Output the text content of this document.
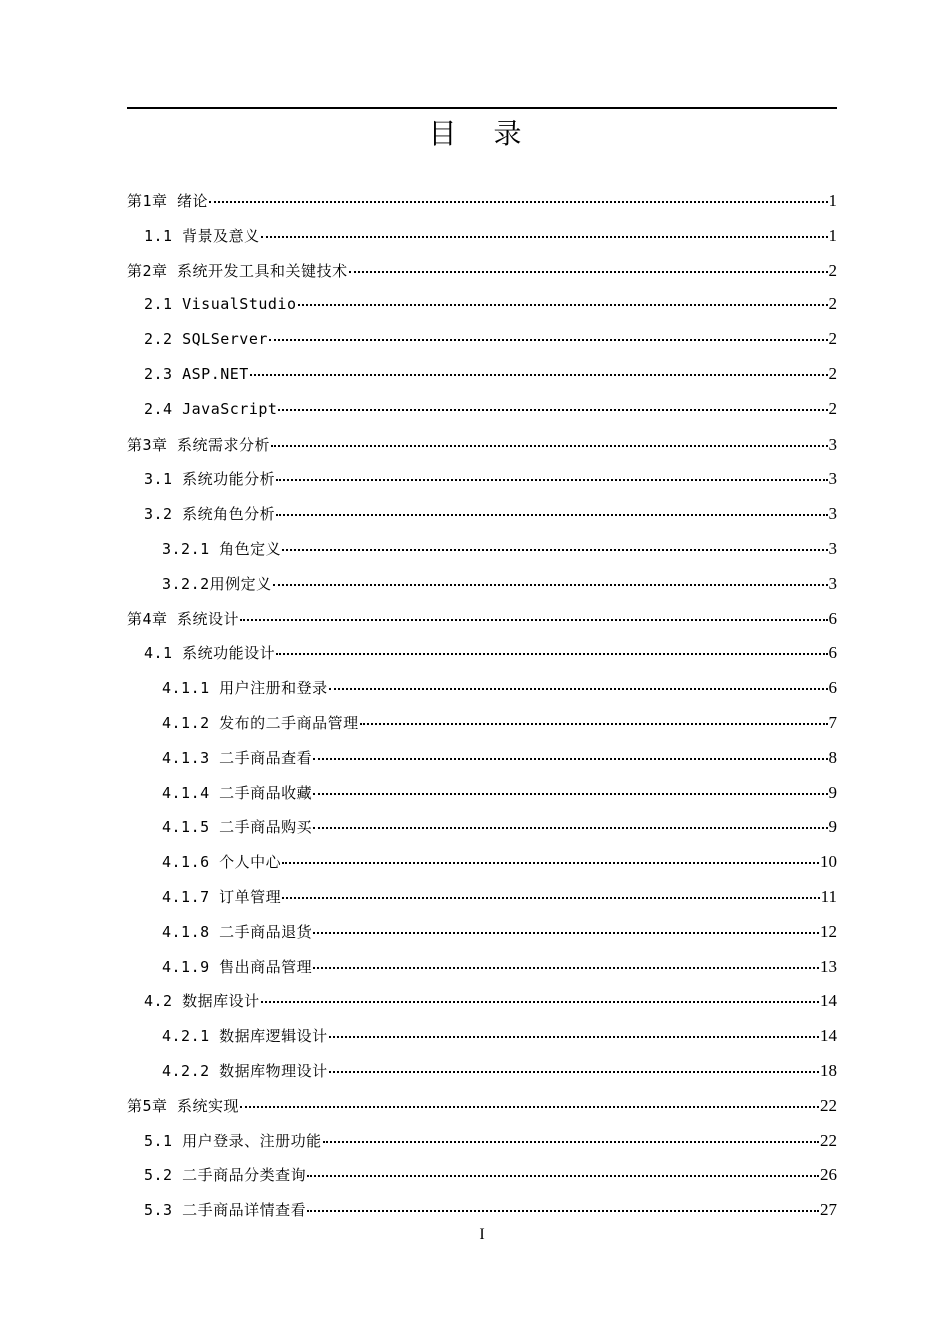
目 录
第1章 绪论	1
1.1 背景及意义	1
第2章 系统开发工具和关键技术	2
2.1 VisualStudio	2
2.2 SQLServer	2
2.3 ASP.NET	2
2.4 JavaScript	2
第3章 系统需求分析	3
3.1 系统功能分析	3
3.2 系统角色分析	3
3.2.1 角色定义	3
3.2.2用例定义	3
第4章 系统设计	6
4.1 系统功能设计	6
4.1.1 用户注册和登录	6
4.1.2 发布的二手商品管理	7
4.1.3 二手商品查看	8
4.1.4 二手商品收藏	9
4.1.5 二手商品购买	9
4.1.6 个人中心	10
4.1.7 订单管理	11
4.1.8 二手商品退货	12
4.1.9 售出商品管理	13
4.2 数据库设计	14
4.2.1 数据库逻辑设计	14
4.2.2 数据库物理设计	18
第5章 系统实现	22
5.1 用户登录、注册功能	22
5.2 二手商品分类查询	26
5.3 二手商品详情查看	27
I
